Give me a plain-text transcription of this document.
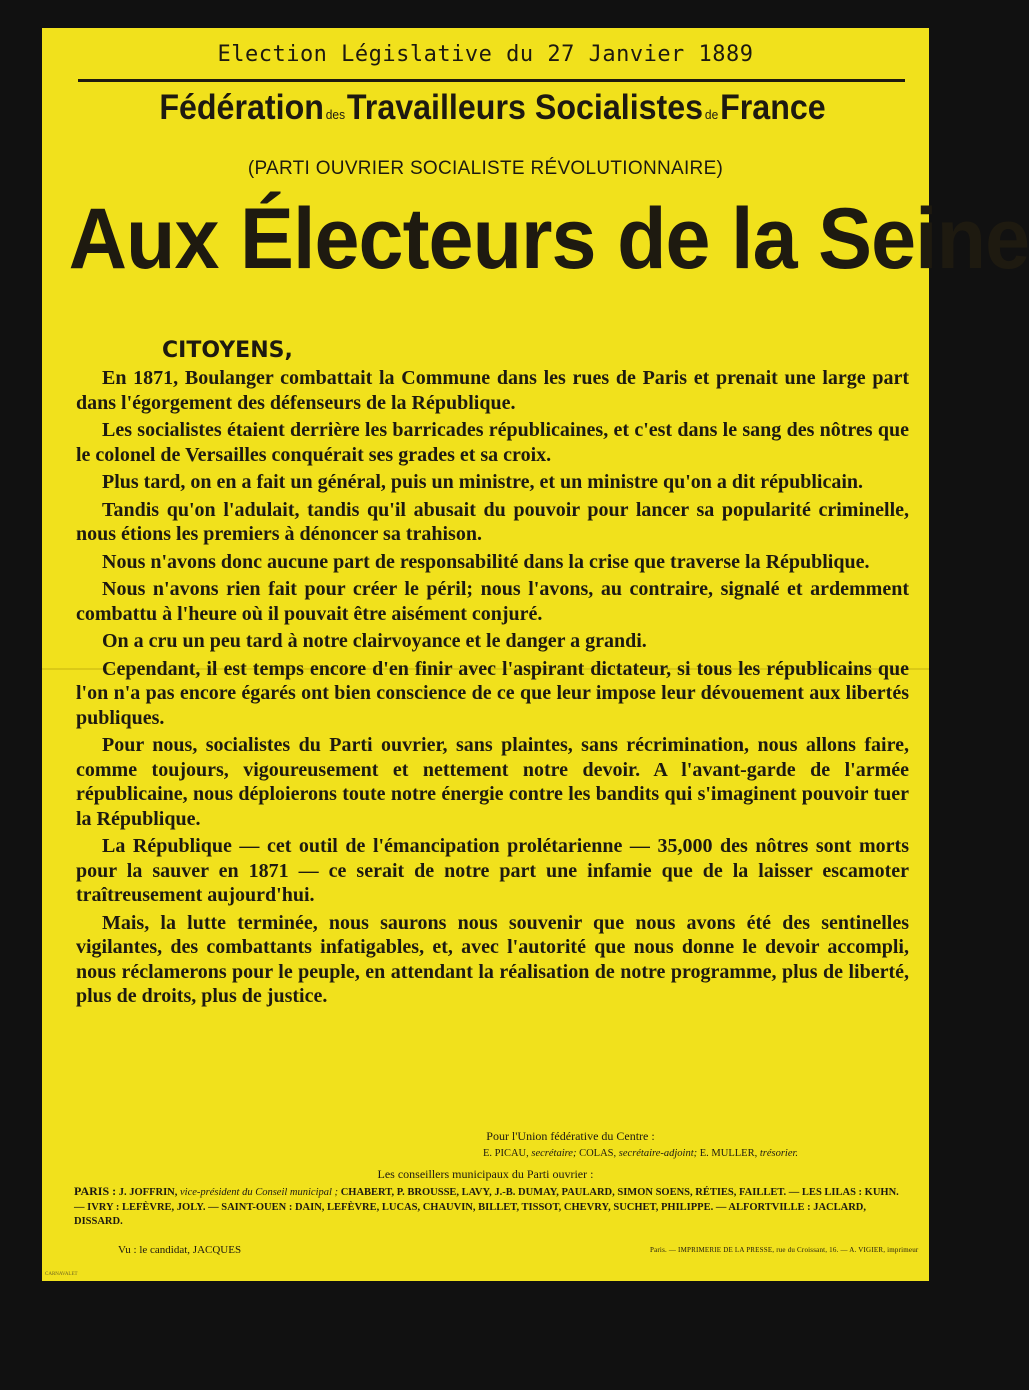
Election Législative du 27 Janvier 1889
Fédération desTravailleurs Socialistes deFrance
(PARTI OUVRIER SOCIALISTE RÉVOLUTIONNAIRE)
Aux Électeurs de la Seine
CITOYENS,

En 1871, Boulanger combattait la Commune dans les rues de Paris et prenait une large part dans l'égorgement des défenseurs de la République.

Les socialistes étaient derrière les barricades républicaines, et c'est dans le sang des nôtres que le colonel de Versailles conquérait ses grades et sa croix.

Plus tard, on en a fait un général, puis un ministre, et un ministre qu'on a dit républicain.

Tandis qu'on l'adulait, tandis qu'il abusait du pouvoir pour lancer sa popularité criminelle, nous étions les premiers à dénoncer sa trahison.

Nous n'avons donc aucune part de responsabilité dans la crise que traverse la République.

Nous n'avons rien fait pour créer le péril; nous l'avons, au contraire, signalé et ardemment combattu à l'heure où il pouvait être aisément conjuré.

On a cru un peu tard à notre clairvoyance et le danger a grandi.

Cependant, il est temps encore d'en finir avec l'aspirant dictateur, si tous les républicains que l'on n'a pas encore égarés ont bien conscience de ce que leur impose leur dévouement aux libertés publiques.

Pour nous, socialistes du Parti ouvrier, sans plaintes, sans récrimination, nous allons faire, comme toujours, vigoureusement et nettement notre devoir. A l'avant-garde de l'armée républicaine, nous déploierons toute notre énergie contre les bandits qui s'imaginent pouvoir tuer la République.

La République — cet outil de l'émancipation prolétarienne — 35,000 des nôtres sont morts pour la sauver en 1871 — ce serait de notre part une infamie que de la laisser escamoter traîtreusement aujourd'hui.

Mais, la lutte terminée, nous saurons nous souvenir que nous avons été des sentinelles vigilantes, des combattants infatigables, et, avec l'autorité que nous donne le devoir accompli, nous réclamerons pour le peuple, en attendant la réalisation de notre programme, plus de liberté, plus de droits, plus de justice.

Pour l'Union fédérative du Centre :
E. PICAU, secrétaire; COLAS, secrétaire-adjoint; E. MULLER, trésorier.
Les conseillers municipaux du Parti ouvrier :
PARIS : J. JOFFRIN, vice-président du Conseil municipal ; CHABERT, P. BROUSSE, LAVY, J.-B. DUMAY, PAULARD, SIMON SOENS, RÉTIES, FAILLET. — LES LILAS : KUHN. — IVRY : LEFÈVRE, JOLY. — SAINT-OUEN : DAIN, LEFÈVRE, LUCAS, CHAUVIN, BILLET, TISSOT, CHEVRY, SUCHET, PHILIPPE. — ALFORTVILLE : JACLARD, DISSARD.
Vu : le candidat, JACQUES	Paris. — IMPRIMERIE DE LA PRESSE, rue du Croissant, 16. — A. VIGIER, imprimeur
CARNAVALET
